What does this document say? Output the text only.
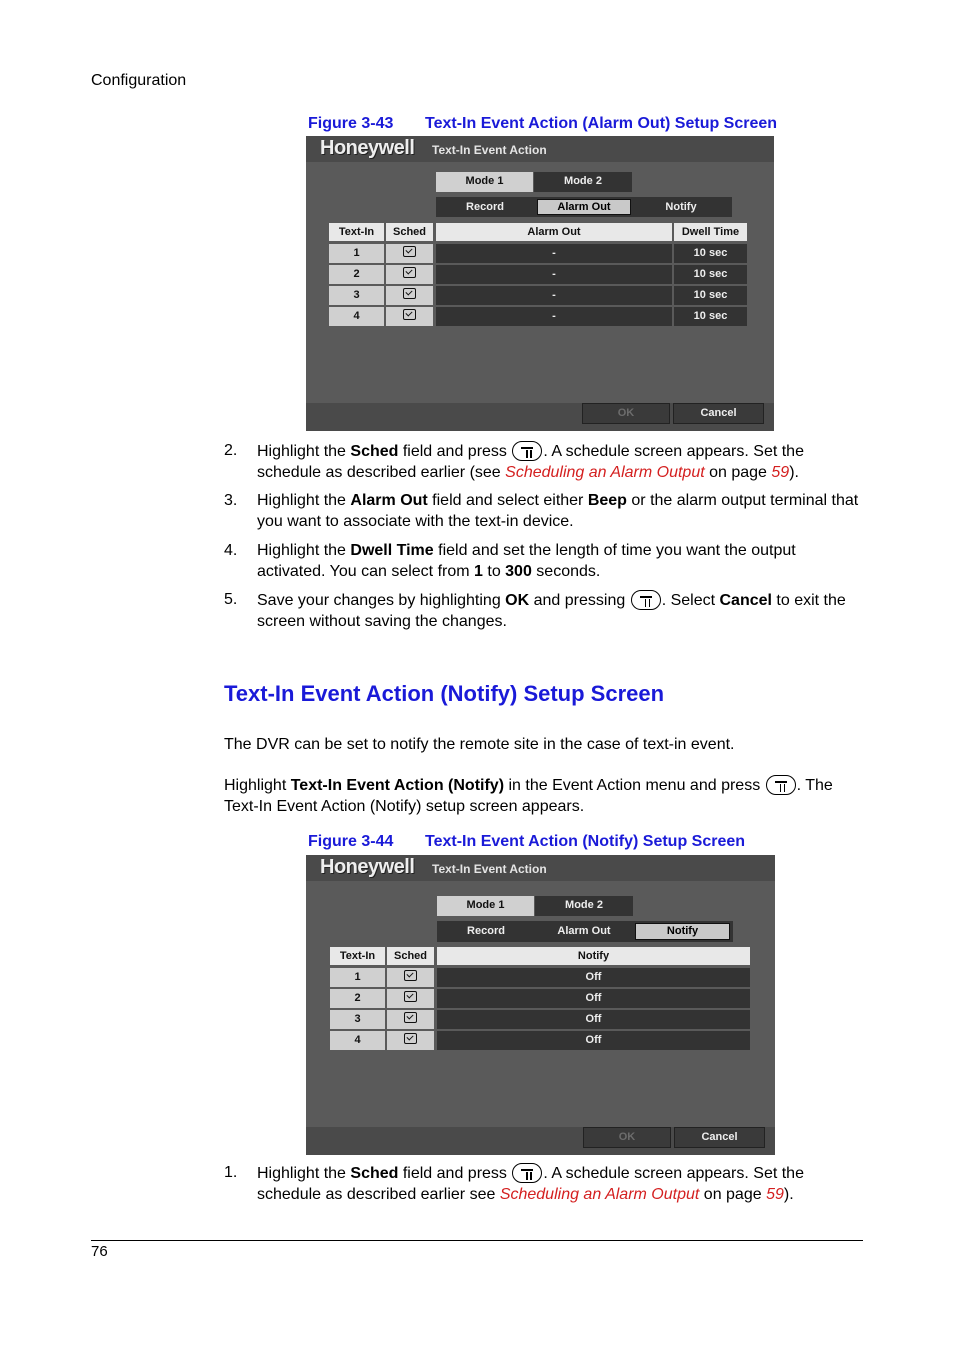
Configuration
Figure 3-43 Text-In Event Action (Alarm Out) Setup Screen
Honeywell Text-In Event Action
Mode 1	Mode 2
Record	Alarm Out	Notify
Text-In	Sched	Alarm Out	Dwell Time
1	-	10 sec
2	-	10 sec
3	-	10 sec
4	-	10 sec
OK	Cancel
2. Highlight the Sched field and press . A schedule screen appears. Set the schedule as described earlier (see Scheduling an Alarm Output on page 59).
3. Highlight the Alarm Out field and select either Beep or the alarm output terminal that you want to associate with the text-in device.
4. Highlight the Dwell Time field and set the length of time you want the output activated. You can select from 1 to 300 seconds.
5. Save your changes by highlighting OK and pressing . Select Cancel to exit the screen without saving the changes.
Text-In Event Action (Notify) Setup Screen
The DVR can be set to notify the remote site in the case of text-in event.
Highlight Text-In Event Action (Notify) in the Event Action menu and press . The Text-In Event Action (Notify) setup screen appears.
Figure 3-44 Text-In Event Action (Notify) Setup Screen
Honeywell Text-In Event Action
Mode 1	Mode 2
Record	Alarm Out	Notify
Text-In	Sched	Notify
1	Off
2	Off
3	Off
4	Off
OK	Cancel
1. Highlight the Sched field and press . A schedule screen appears. Set the schedule as described earlier see Scheduling an Alarm Output on page 59).
76
